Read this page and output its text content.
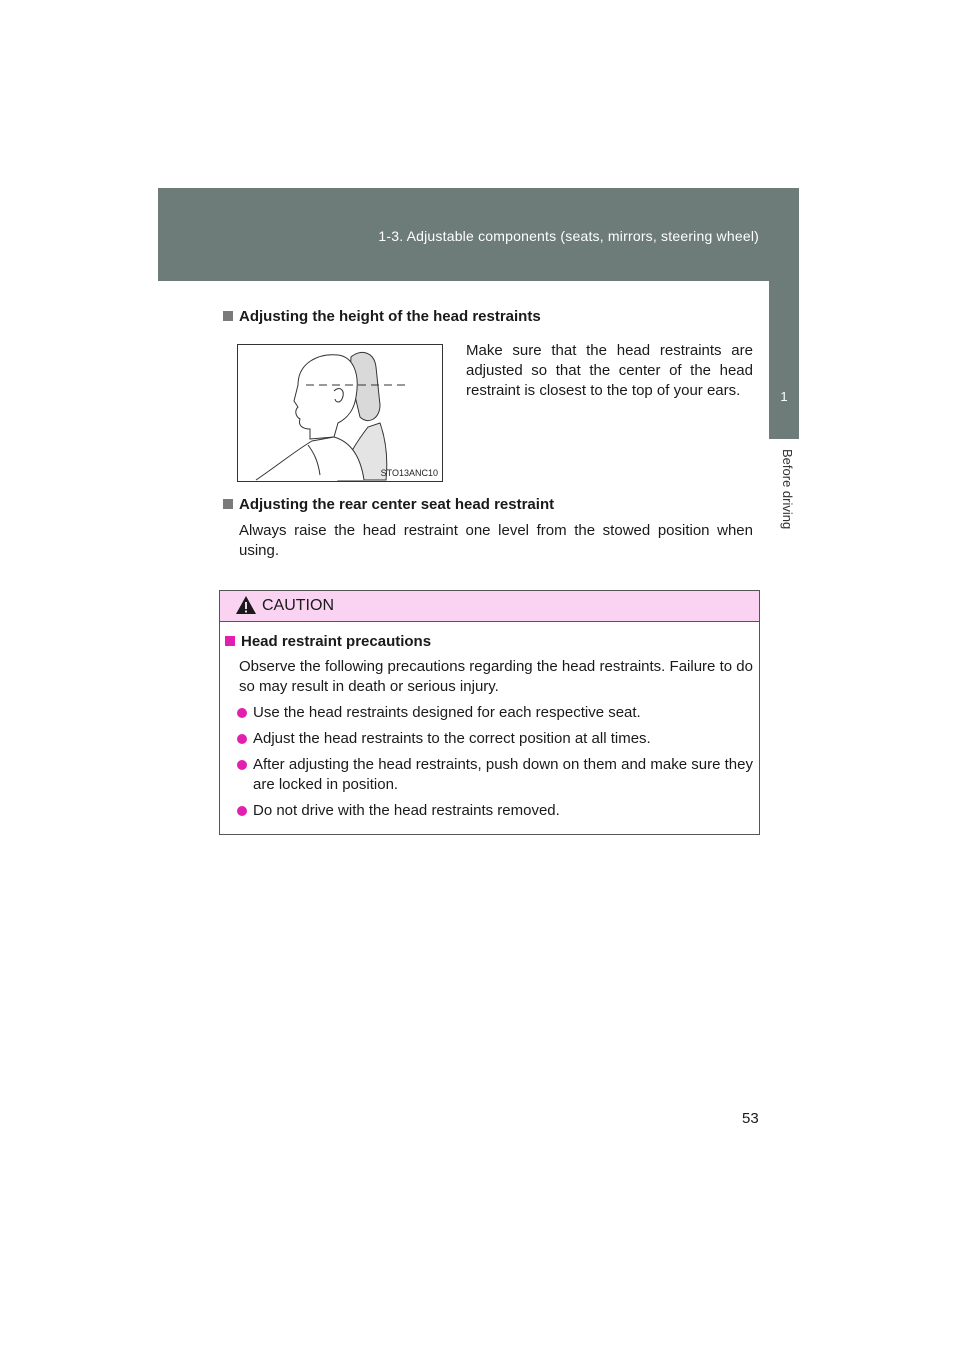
1-3. Adjustable components (seats, mirrors, steering wheel)
1
Before driving
Adjusting the height of the head restraints
STO13ANC10
Make sure that the head restraints are adjusted so that the center of the head restraint is closest to the top of your ears.
Adjusting the rear center seat head restraint
Always raise the head restraint one level from the stowed position when using.
CAUTION
Head restraint precautions
Observe the following precautions regarding the head restraints. Failure to do so may result in death or serious injury.
Use the head restraints designed for each respective seat.
Adjust the head restraints to the correct position at all times.
After adjusting the head restraints, push down on them and make sure they are locked in position.
Do not drive with the head restraints removed.
53
